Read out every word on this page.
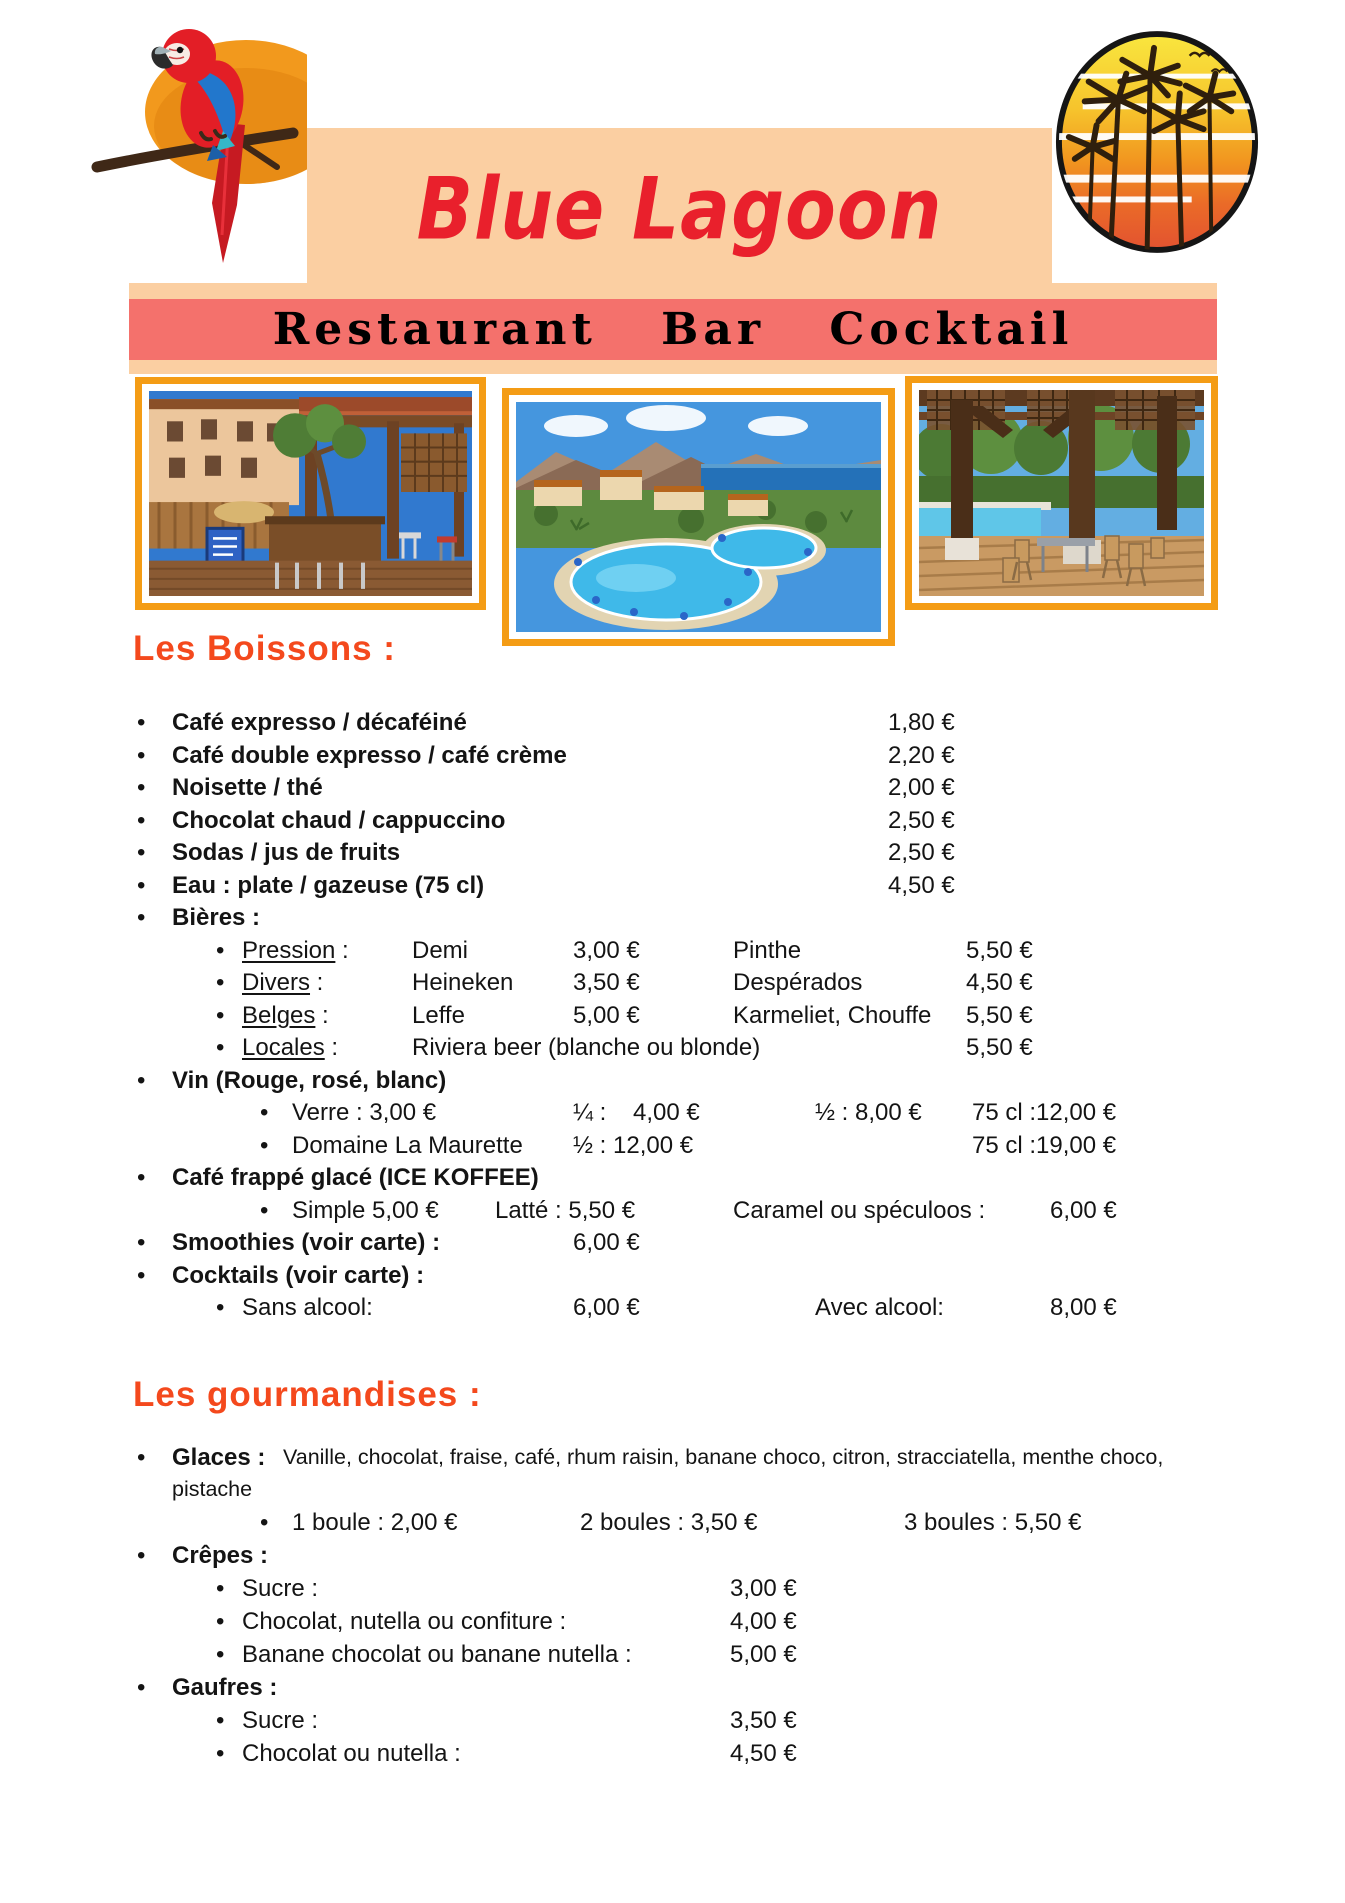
Restaurant Bar Cocktail
Blue Lagoon
Les Boissons :
Les gourmandises :
• Café expresso / décaféiné	1,80 €
• Café double expresso / café crème	2,20 €
• Noisette / thé	2,00 €
• Chocolat chaud / cappuccino	2,50 €
• Sodas / jus de fruits	2,50 €
• Eau : plate / gazeuse (75 cl)	4,50 €
• Bières :
• Pression :	Demi	3,00 €	Pinthe	5,50 €
• Divers :	Heineken 3,50 €	Despérados	4,50 €
• Belges :	Leffe	5,00 €	Karmeliet, Chouffe 5,50 €
• Locales :	Riviera beer (blanche ou blonde)	5,50 €
• Vin (Rouge, rosé, blanc)
• Verre : 3,00 €	¼ : 4,00 €	½ : 8,00 € 75 cl :12,00 €
• Domaine La Maurette ½ : 12,00 €	75 cl :19,00 €
• Café frappé glacé (ICE KOFFEE)
• Simple 5,00 € Latté : 5,50 €	Caramel ou spéculoos :	6,00 €
• Smoothies (voir carte) :	6,00 €
• Cocktails (voir carte) :
• Sans alcool:	6,00 €	Avec alcool:	8,00 €
• Glaces : Vanille, chocolat, fraise, café, rhum raisin, banane choco, citron, stracciatella, menthe choco,
pistache
• 1 boule : 2,00 €	2 boules : 3,50 €	3 boules : 5,50 €
• Crêpes :
• Sucre :	3,00 €
• Chocolat, nutella ou confiture :	4,00 €
• Banane chocolat ou banane nutella :	5,00 €
• Gaufres :
• Sucre :	3,50 €
• Chocolat ou nutella :	4,50 €
